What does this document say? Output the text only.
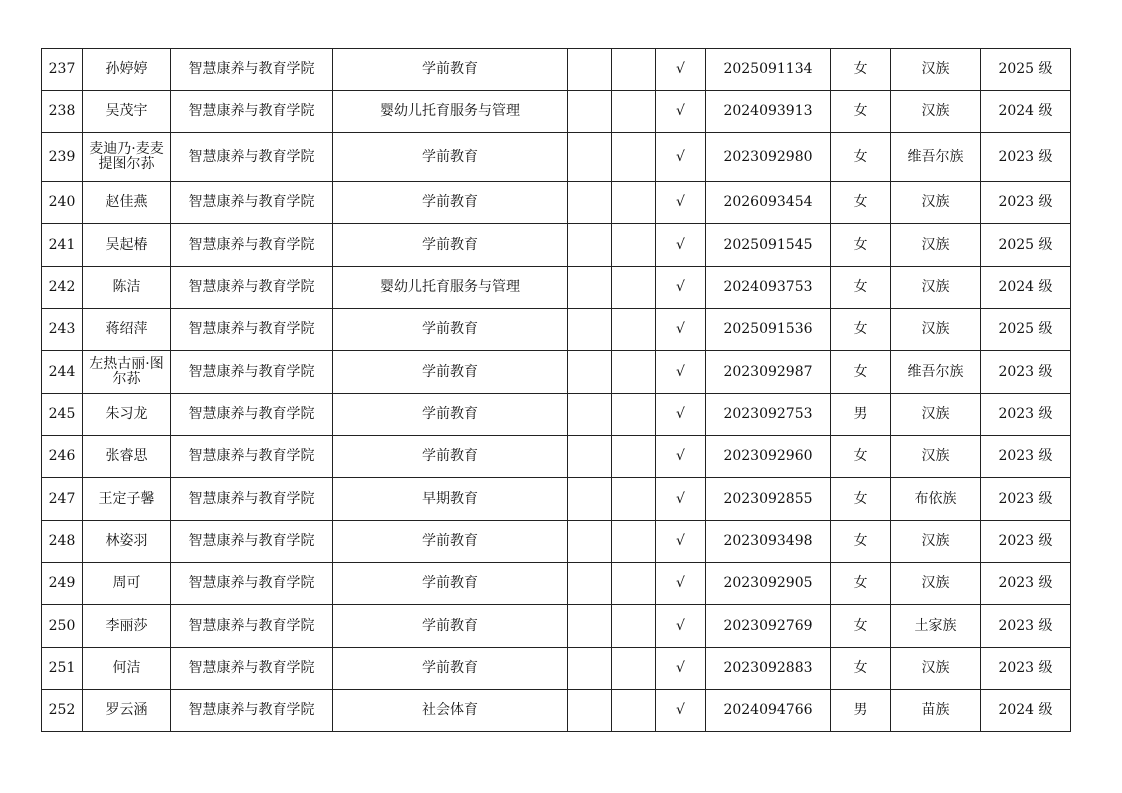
237	孙婷婷	智慧康养与教育学院	学前教育			√	2025091134	女	汉族	2025 级
238	吴茂宇	智慧康养与教育学院	婴幼儿托育服务与管理			√	2024093913	女	汉族	2024 级
239	麦迪乃·麦麦提图尔荪	智慧康养与教育学院	学前教育			√	2023092980	女	维吾尔族	2023 级
240	赵佳燕	智慧康养与教育学院	学前教育			√	2026093454	女	汉族	2023 级
241	吴起椿	智慧康养与教育学院	学前教育			√	2025091545	女	汉族	2025 级
242	陈洁	智慧康养与教育学院	婴幼儿托育服务与管理			√	2024093753	女	汉族	2024 级
243	蒋绍萍	智慧康养与教育学院	学前教育			√	2025091536	女	汉族	2025 级
244	左热古丽·图尔荪	智慧康养与教育学院	学前教育			√	2023092987	女	维吾尔族	2023 级
245	朱习龙	智慧康养与教育学院	学前教育			√	2023092753	男	汉族	2023 级
246	张睿思	智慧康养与教育学院	学前教育			√	2023092960	女	汉族	2023 级
247	王定子馨	智慧康养与教育学院	早期教育			√	2023092855	女	布依族	2023 级
248	林姿羽	智慧康养与教育学院	学前教育			√	2023093498	女	汉族	2023 级
249	周可	智慧康养与教育学院	学前教育			√	2023092905	女	汉族	2023 级
250	李丽莎	智慧康养与教育学院	学前教育			√	2023092769	女	土家族	2023 级
251	何洁	智慧康养与教育学院	学前教育			√	2023092883	女	汉族	2023 级
252	罗云涵	智慧康养与教育学院	社会体育			√	2024094766	男	苗族	2024 级
